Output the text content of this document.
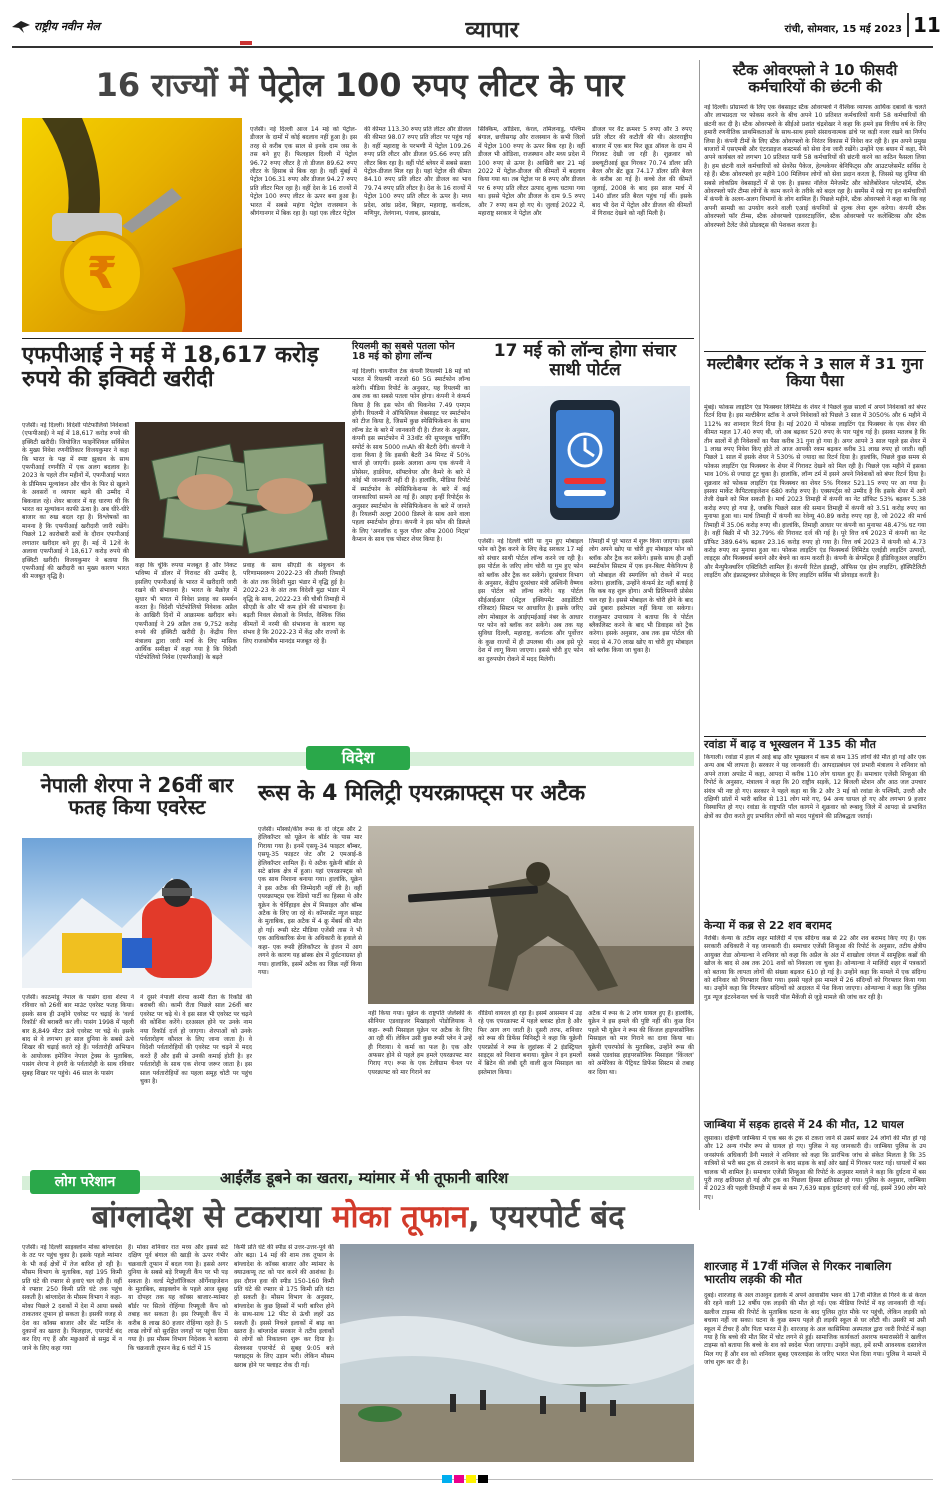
राष्ट्रीय नवीन मेल	व्यापार	रांची, सोमवार, 15 मई 2023 11
16 राज्यों में पेट्रोल 100 रुपए लीटर के पार
₹
एजेंसी। नई दिल्ली आज 14 मई को पेट्रोल-डीजल के दामों में कोई बदलाव नहीं हुआ है। इस तरह से करीब एक साल से इनके दाम जस के तस बने हुए हैं। फिलहाल दिल्ली में पेट्रोल 96.72 रुपए लीटर है तो डीजल 89.62 रुपए लीटर के हिसाब से बिक रहा है। वहीं मुंबई में पेट्रोल 106.31 रुपए और डीजल 94.27 रुपए प्रति लीटर मिल रहा है। वहीं देश के 16 राज्यों में पेट्रोल 100 रुपए लीटर के ऊपर बना हुआ है। भारत में सबसे महंगा पेट्रोल राजस्थान के श्रीगंगानगर में बिक रहा है। यहां एक लीटर पेट्रोल
की कीमत 113.30 रुपए प्रति लीटर और डीजल की कीमत 98.07 रुपए प्रति लीटर पर पहुंच गई है। वहीं महाराष्ट्र के परभणी में पेट्रोल 109.26 रुपए प्रति लीटर और डीजल 95.66 रुपए प्रति लीटर बिक रहा है। वहीं पोर्ट ब्लेयर में सबसे सस्ता पेट्रोल-डीजल मिल रहा है। यहां पेट्रोल की कीमत 84.10 रुपए प्रति लीटर और डीजल का भाव 79.74 रुपए प्रति लीटर है। देश के 16 राज्यों में पेट्रोल 100 रुपए प्रति लीटर के ऊपर है। मध्य प्रदेश, आंध्र प्रदेश, बिहार, महाराष्ट्र, कर्नाटक, मणिपुर, तेलंगाना, पंजाब, झारखंड,
सिक्किम, ओडिशा, केरल, तमिलनाडु, पश्चिम बंगाल, छत्तीसगढ़ और राजस्थान के सभी जिलों में पेट्रोल 100 रुपए के ऊपर बिक रहा है। वहीं डीजल भी ओडिशा, राजस्थान और मध्य प्रदेश में 100 रुपए से ऊपर है। आखिरी बार 21 मई 2022 में पेट्रोल-डीजल की कीमतों में बदलाव किया गया था। तब पेट्रोल पर 8 रुपए और डीजल पर 6 रुपए प्रति लीटर उत्पाद शुल्क घटाया गया था। इससे पेट्रोल और डीजल के दाम 9.5 रुपए और 7 रुपए कम हो गए थे। जुलाई 2022 में, महाराष्ट्र सरकार ने पेट्रोल और
डीजल पर वैट क्रमशः 5 रुपए और 3 रुपए प्रति लीटर की कटौती की थी। अंतरराष्ट्रीय बाजार में एक बार फिर क्रूड ऑयल के दाम में गिरावट देखी जा रही है। शुक्रवार को डब्ल्यूटीआई क्रूड गिरकर 70.74 डॉलर प्रति बैरल और ब्रेंट क्रूड 74.17 डॉलर प्रति बैरल के करीब आ गई है। कच्चे तेल की कीमतें जुलाई, 2008 के बाद इस साल मार्च में 140 डॉलर प्रति बैरल पहुंच गई थीं। इसके बाद भी देश में पेट्रोल और डीजल की कीमतों में गिरावट देखने को नहीं मिली है।
स्टैक ओवरफ्लो ने 10 फीसदी कर्मचारियों की छंटनी की
नई दिल्ली। प्रोग्रामरों के लिए एक वेबसाइट स्टैक ओवरफ्लो ने वैश्विक व्यापक आर्थिक दबावों के चलते और लाभप्रदता पर फोकस करने के बीच अपने 10 प्रतिशत कर्मचारियों यानी 58 कर्मचारियों की छंटनी कर दी है। स्टैक ओवरफ्लो के सीईओ प्रशांत चंद्रशेखर ने कहा कि हमने इस वित्तीय वर्ष के लिए हमारी रणनीतिक प्राथमिकताओं के साथ-साथ हमारे संसाधनात्मक ढांचे पर कड़ी नजर रखने का निर्णय लिया है। कंपनी टीमों के लिए स्टैक ओवरफ्लो के निरंतर विकास में निवेश कर रही है। हम अपने प्रमुख बाजारों में एसएमबी और एंटरप्राइज कस्टमर्स को सेवा देना जारी रखेंगे। उन्होंने एक बयान में कहा, मैंने अपने कार्यबल को लगभग 10 प्रतिशत यानी 58 कर्मचारियों की छंटनी करने का कठिन फैसला लिया है। हम छंटनी वाले कर्मचारियों को सेवरेंस पैकेज, हेल्थकेयर बेनिफिट्स और आउटप्लेसमेंट सर्विस दे रहे हैं। स्टैक ओवरफ्लो हर महीने 100 मिलियन लोगों को सेवा प्रदान करता है, जिससे यह दुनिया की सबसे लोकप्रिय वेबसाइटों में से एक है। इसका नॉलेज मैनेजमेंट और कोलैबोरेशन प्लेटफॉर्म, स्टैक ओवरफ्लो फॉर टीम्स लोगों के काम करने के तरीके को बदल रहा है। सस्पेंस में रखे गए इन कर्मचारियों में कंपनी के अलग-अलग विभागों के लोग शामिल हैं। पिछले महीने, स्टैक ओवरफ्लो ने कहा था कि वह अपनी सामग्री का उपयोग करने वाली एआई कंपनियों से शुल्क लेना शुरू करेगा। कंपनी स्टैक ओवरफ्लो फॉर टीम्स, स्टैक ओवरफ्लो एडवरटाइजिंग, स्टैक ओवरफ्लो पर कलेक्टिव्स और स्टैक ओवरफ्लो टैलेंट जैसे प्रोडक्ट्स की पेशकश करता है।
मल्टीबैगर स्टॉक ने 3 साल में 31 गुना किया पैसा
मुंबई। फोकस लाइटिंग एंड फिक्स्चर लिमिटेड के शेयर ने पिछले कुछ सालों में अपने निवेशकों को बंपर रिटर्न दिया है। इस मल्टीबैगर स्टॉक ने अपने निवेशकों को पिछले 3 साल में 3050% और 6 महीने में 112% का शानदार रिटर्न दिया है। मई 2020 में फोकस लाइटिंग एंड फिक्स्चर के एक शेयर की कीमत महज 17.40 रुपए थी, जो अब बढ़कर 520 रुपए के पार पहुंच गई है। इसका मतलब है कि तीन सालों में ही निवेशकों का पैसा करीब 31 गुना हो गया है। अगर आपने 3 साल पहले इस शेयर में 1 लाख रुपए निवेश किए होते तो आज आपकी रकम बढ़कर करीब 31 लाख रुपए हो जाती। वहीं पिछले 1 साल में इसके शेयर ने 530% से ज्यादा का रिटर्न दिया है। हालांकि, पिछले कुछ समय से फोकस लाइटिंग एंड फिक्स्चर के शेयर में गिरावट देखने को मिल रही है। पिछले एक महीने में इसका भाव 10% से ज्यादा टूट चुका है। हालांकि, लॉन्ग टर्म में इसने अपने निवेशकों को बंपर रिटर्न दिया है। शुक्रवार को फोकस लाइटिंग एंड फिक्स्चर का शेयर 5% गिरकर 521.15 रुपए पर आ गया है। इसका मार्केट कैपिटलाइजेशन 680 करोड़ रुपए है। एक्सपर्ट्स को उम्मीद है कि इसके शेयर में आगे तेजी देखने को मिल सकती है। मार्च 2023 तिमाही में कंपनी का नेट प्रॉफिट 53% बढ़कर 5.38 करोड़ रुपए हो गया है, जबकि पिछले साल की समान तिमाही में कंपनी को 3.51 करोड़ रुपए का मुनाफा हुआ था। मार्च तिमाही में कंपनी का रेवेन्यू 40.89 करोड़ रुपए रहा है, जो 2022 की मार्च तिमाही में 35.06 करोड़ रुपए थी। हालांकि, तिमाही आधार पर कंपनी का मुनाफा 48.47% घट गया है। वहीं बिक्री में भी 32.79% की गिरावट दर्ज की गई है। पूरे वित्त वर्ष 2023 में कंपनी का नेट प्रॉफिट 389.64% बढ़कर 23.16 करोड़ रुपए हो गया है। वित्त वर्ष 2023 में कंपनी को 4.73 करोड़ रुपए का मुनाफा हुआ था। फोकस लाइटिंग एंड फिक्स्चर्स लिमिटेड एलईडी लाइटिंग उत्पादों, लाइट्स और फिक्स्चर्स बनाने और बेचने का काम करती है। कंपनी के सेगमेंट्स हैं इंडिविजुअल लाइटिंग और मैन्युफैक्चरिंग एक्टिविटी शामिल हैं। कंपनी रिटेल इंडस्ट्री, ऑफिस एंड होम लाइटिंग, हॉस्पिटैलिटी लाइटिंग और इंफ्रास्ट्रक्चर प्रोजेक्ट्स के लिए लाइटिंग सर्विस भी प्रोवाइड करती है।
एफपीआई ने मई में 18,617 करोड़ रुपये की इक्विटी खरीदी
एजेंसी। नई दिल्ली। विदेशी पोर्टफोलियो निवेशकों (एफपीआई) ने मई में 18,617 करोड़ रुपये की इक्विटी खरीदी। जियोजित फाइनेंशियल सर्विसेज के मुख्य निवेश रणनीतिकार विजयकुमार ने कहा कि भारत के पक्ष में स्पष्ट झुकाव के साथ एफपीआई रणनीति में एक अलग बदलाव है। 2023 के पहले तीन महीनों में, एफपीआई भारत के प्रीमियम मूल्यांकन और चीन के फिर से खुलने के अवसरों व व्यापार बढ़ने की उम्मीद में बिकवाल रहे। शेयर बाजार में यह धारणा थी कि भारत का मूल्यांकन काफी ऊंचा है। अब धीरे-धीरे बाजार का रुख बदल रहा है। विश्लेषकों का मानना है कि एफपीआई खरीदारी जारी रखेंगे। पिछले 12 कारोबारी सत्रों के दौरान एफपीआई लगातार खरीदार बने हुए हैं। मई में 12वें के अलावा एफपीआई ने 18,617 करोड़ रुपये की इक्विटी खरीदी। विजयकुमार ने बताया कि एफपीआई की खरीदारी का मुख्य कारण भारत की मजबूत वृद्धि है।
कहा कि चूंकि रुपया मजबूत है और निकट भविष्य में डॉलर में गिरावट की उम्मीद है, इसलिए एफपीआई के भारत में खरीदारी जारी रखने की संभावना है। भारत के मैक्रोज़ में सुधार भी भारत में निवेश प्रवाह का समर्थन करता है। विदेशी पोर्टफोलियो निवेशक अप्रैल के आखिरी दिनों में आक्रामक खरीदार बने। एफपीआई ने 29 अप्रैल तक 9,752 करोड़ रुपये की इक्विटी खरीदी है। केंद्रीय वित्त मंत्रालय द्वारा जारी मार्च के लिए मासिक आर्थिक समीक्षा में कहा गया है कि विदेशी पोर्टफोलियो निवेश (एफपीआई) के बढ़ते
प्रवाह के साथ सीएडी के संकुचन के परिणामस्वरूप 2022-23 की तीसरी तिमाही के अंत तक विदेशी मुद्रा भंडार में वृद्धि हुई है। 2022-23 के अंत तक विदेशी मुद्रा भंडार में वृद्धि के साथ, 2022-23 की चौथी तिमाही में सीएडी के और भी कम होने की संभावना है। बढ़ती निवल सेवाओं के निर्यात, वैश्विक जिंस कीमतों में नरमी की संभावना के कारण यह संभव है कि 2022-23 में केंद्र और राज्यों के लिए राजकोषीय मानदंड मजबूत रहे हैं।
रियलमी का सबसे पतला फोन 18 मई को होगा लॉन्च
नई दिल्ली। चायनीज टेक कंपनी रियलमी 18 मई को भारत में रियलमी नारजो 60 5G स्मार्टफोन लॉन्च करेगी। मीडिया रिपोर्ट के अनुसार, यह रियलमी का अब तक का सबसे पतला फोन होगा। कंपनी ने कंफर्म किया है कि इस फोन की थिकनेस 7.49 एमएम होगी। रियलमी ने ऑफिशियल वेबसाइट पर स्मार्टफोन को टीज किया है, जिसमें कुछ स्पेसिफिकेशन के साथ लॉन्च डेट के बारे में जानकारी दी है। टीजर के अनुसार, कंपनी इस स्मार्टफोन में 33वॉट की सुपरवूक चार्जिंग सपोर्ट के साथ 5000 mAh की बैटरी देगी। कंपनी ने दावा किया है कि इसकी बैटरी 34 मिनट में 50% चार्ज हो जाएगी। इसके अलावा अन्य एक कंपनी ने प्रोसेसर, हार्डवेयर, सॉफ्टवेयर और कैमरे के बारे में कोई भी जानकारी नहीं दी है। हालांकि, मीडिया रिपोर्ट में स्मार्टफोन के स्पेसिफिकेशन्स के बारे में कई जानकारियां सामने आ गई हैं। आइए इन्हीं रिपोर्ट्स के अनुसार स्मार्टफोन के स्पेसिफिकेशन के बारे में जानते हैं। रियलमी अल्ट्रा 2000 डिस्प्ले के साथ आने वाला पहला स्मार्टफोन होगा। कंपनी ने इस फोन की डिस्प्ले के लिए 'अनलॉक द फुल पॉवर ऑफ 2000 निट्स' कैप्शन के साथ एक पोस्टर शेयर किया है।
17 मई को लॉन्च होगा संचार साथी पोर्टल
एजेंसी। नई दिल्ली चोरी या गुम हुए मोबाइल फोन को ट्रैक करने के लिए केंद्र सरकार 17 मई को संचार साथी पोर्टल लॉन्च करने जा रही है। इस पोर्टल के जरिए लोग चोरी या गुम हुए फोन को ब्लॉक और ट्रैक कर सकेंगे। दूरसंचार विभाग के अनुसार, केंद्रीय दूरसंचार मंत्री अश्विनी वैष्णव इस पोर्टल को लॉन्च करेंगे। यह पोर्टल सीईआईआर (सेंट्रल इक्विपमेंट आइडेंटिटी रजिस्टर) सिस्टम पर आधारित है। इसके जरिए लोग मोबाइल के आईएमईआई नंबर के आधार पर फोन को ब्लॉक कर सकेंगे। अब तक यह सुविधा दिल्ली, महाराष्ट्र, कर्नाटक और पूर्वोत्तर के कुछ राज्यों में ही उपलब्ध थी। अब इसे पूरे देश में लागू किया जाएगा। इससे चोरी हुए फोन का दुरुपयोग रोकने में मदद मिलेगी।
तिमाही में पूरे भारत में शुरू किया जाएगा। इससे लोग अपने खोए या चोरी हुए मोबाइल फोन को ब्लॉक और ट्रैक कर सकेंगे। इसके साथ ही उन्हीं स्मार्टफोन सिस्टम में एक इन-बिल्ट मैकेनिज्म है जो मोबाइल की स्मगलिंग को रोकने में मदद करेगा। हालांकि, उन्होंने कंफर्म डेट नहीं बताई है कि कब यह शुरू होगा। अभी प्रिलिमनरी प्रोसेस चल रहा है। इससे मोबाइल के चोरी होने के बाद उसे दुबारा इस्तेमाल नहीं किया जा सकेगा। राजकुमार उपाध्याय ने बताया कि ये पोर्टल ब्लैकलिस्ट करने के बाद भी डिवाइस को ट्रैक करेगा। इसके अनुसार, अब तक इस पोर्टल की मदद से 4.70 लाख खोए या चोरी हुए मोबाइल को ब्लॉक किया जा चुका है।
विदेश
नेपाली शेरपा ने 26वीं बार फतह किया एवरेस्ट
एजेंसी। काठमांडू नेपाल के पासंग दावा शेरपा ने रविवार को 26वीं बार माउंट एवरेस्ट फतह किया। इसके साथ ही उन्होंने एवरेस्ट पर चढ़ाई के 'वर्ल्ड रिकॉर्ड' की बराबरी कर ली। पासंग 1998 में पहली बार 8,849 मीटर ऊंचे एवरेस्ट पर चढ़े थे। इसके बाद से वे लगभग हर साल दुनिया के सबसे ऊंचे शिखर की चढ़ाई करते रहे हैं। पर्वतारोही अभियान के आयोजक इमेजिन नेपाल ट्रेक्स के मुताबिक, पासंग शेरपा ने हंगरी के पर्वतारोही के साथ रविवार सुबह शिखर पर पहुंचे। 46 साल के पासंग
ने दूसरे नेपाली शेरपा कामी रीता के रिकॉर्ड की बराबरी की। कामी रीता पिछले साल 26वीं बार एवरेस्ट पर चढ़े थे। वे इस साल भी एवरेस्ट पर चढ़ने की कोशिश करेंगे। दरअसल होने पर उनके नाम नया रिकॉर्ड दर्ज हो जाएगा। शेरपाओं को उनके पर्वतारोहण कौशल के लिए जाना जाता है। वे विदेशी पर्वतारोहियों की एवरेस्ट पर चढ़ने में मदद करते हैं और इसी से उनकी कमाई होती है। हर पर्वतारोही के साथ एक शेरपा जरूर जाता है। इस साल पर्वतारोहियों का पहला समूह चोटी पर पहुंच चुका है।
रूस के 4 मिलिट्री एयरक्राफ्ट्स पर अटैक
एजेंसी। मॉस्को/कीव रूस के दो जेट्स और 2 हेलिकॉप्टर को यूक्रेन के बॉर्डर के पास मार गिराया गया है। इनमें एसयू-34 फाइटर बॉम्बर, एसयू-35 फाइटर जेट और 2 एमआई-8 हेलिकॉप्टर शामिल हैं। ये अटैक यूक्रेनी बॉर्डर से सटे ब्रांस्क क्षेत्र में हुआ। यहां एयरक्राफ्ट्स को एक साथ निशाना बनाया गया। हालांकि, यूक्रेन ने इस अटैक की जिम्मेदारी नहीं ली है। वहीं एयरक्राफ्ट्स एक रेडियो पार्टी का हिस्सा थे और यूक्रेन के चेर्निहाइव क्षेत्र में मिसाइल और बॉम्ब अटैक के लिए जा रहे थे। कॉमरसेंट न्यूज साइट के मुताबिक, इस अटैक में 4 क्रू मेंबर्स की मौत हो गई। रूसी स्टेट मीडिया एजेंसी तास ने भी एक आधिकारिक सेना के अधिकारी के हवाले से कहा- एक रूसी हेलिकॉप्टर के इंजन में आग लगने के कारण यह ब्रांस्क क्षेत्र में दुर्घटनाग्रस्त हो गया। हालांकि, इसमें अटैक का जिक्र नहीं किया गया।
नहीं किया गया। यूक्रेन के राष्ट्रपति जेलेंस्की के सीनियर एडवाइजर मिखाइलो पोडोलियाक ने कहा- रूसी मिसाइल यूक्रेन पर अटैक के लिए आ रही थीं। लेकिन उसी कुछ रूसी प्लेन ने उन्हें ही गिराया। ये कर्मा का फल है। एक और अफसर होने से पहले हम हमले एयरक्राफ्ट मार गिराए गए। रूस के एक टेलीग्राम चैनल पर एयरक्राफ्ट को मार गिराने का
वीडियो वायरल हो रहा है। इसमें आसमान में उड़ रहे एक एयरक्राफ्ट में पहले ब्लास्ट होता है और फिर आग लग जाती है। दूसरी तरफ, शनिवार को रूस की डिफेंस मिनिस्ट्री ने कहा कि यूक्रेनी एयरफ्रोर्स ने रूस के लुहांस्क में 2 इंडस्ट्रियल साइट्स को निशाना बनाया। यूक्रेन ने इन हमलों में ब्रिटेन की लंबी दूरी वाली क्रूज मिसाइल का इस्तेमाल किया।
अटैक में रूस के 2 लोग घायल हुए हैं। हालांकि, यूक्रेन ने इस हमले की पुष्टि नहीं की। कुछ दिन पहले भी यूक्रेन ने रूस की किंजल हाइपरसोनिक मिसाइल को मार गिराने का दावा किया था। यूक्रेनी एयरफोर्स के मुताबिक, उन्होंने रूस की सबसे एडवांस्ड हाइपरसोनिक मिसाइल 'किंजल' को अमेरिका के पैट्रियट डिफेंस सिस्टम से तबाह कर दिया था।
रवांडा में बाढ़ व भूस्खलन में 135 की मौत
किगाली। रवांडा में हाल में आई बाढ़ और भूस्खलन में कम से कम 135 लोगों की मौत हो गई और एक अन्य अब भी लापता है। सरकार ने यह जानकारी दी। आपदाप्रबंधन एवं प्रभारी मंत्रालय ने शनिवार को अपने ताजा अपडेट में कहा, आपदा में करीब 110 लोग घायल हुए हैं। समाचार एजेंसी शिन्हुआ की रिपोर्ट के अनुसार, मंत्रालय ने कहा कि 20 राष्ट्रीय सड़कें, 12 बिजली स्टेशन और आठ जल उपचार संयंत्र भी नष्ट हो गए। सरकार ने पहले कहा था कि 2 और 3 मई को रवांडा के पश्चिमी, उत्तरी और दक्षिणी प्रांतों में भारी बारिश से 131 लोग मारे गए, 94 अन्य घायल हो गए और लगभग 9 हजार विस्थापित हो गए। रवांडा के राष्ट्रपति पॉल कागमे ने शुक्रवार को रूबावु जिले में आपदा से प्रभावित क्षेत्रों का दौरा करते हुए प्रभावित लोगों को मदद पहुंचाने की प्रतिबद्धता जताई।
केन्या में कब्र से 22 शव बरामद
नैरोबी। केन्या के तटीय शहर मालिंदी में एक संदिग्ध कब्र से 22 और शव बरामद किए गए हैं। एक सरकारी अधिकारी ने यह जानकारी दी। समाचार एजेंसी शिन्हुआ की रिपोर्ट के अनुसार, तटीय क्षेत्रीय आयुक्त रोडा ओन्यान्चा ने शनिवार को कहा कि अप्रैल के अंत में शाखोला जंगल में सामूहिक कब्रों की खोज के बाद से अब तक 201 शवों को निकाला जा चुका है। ओन्यान्चा ने मालिंदी शहर में पत्रकारों को बताया कि लापता लोगों की संख्या बढ़कर 610 हो गई है। उन्होंने कहा कि मामले में एक संदिग्ध को शनिवार को गिरफ्तार किया गया। इससे पहले इस मामले में 26 संदिग्धों को गिरफ्तार किया गया था। उन्होंने कहा कि गिरफ्तार संदिग्धों को अदालत में पेश किया जाएगा। ओन्यान्चा ने कहा कि पुलिस गुड न्यूज इंटरनेशनल चर्च के पादरी पॉल मैकेंजी से जुड़े मामले की जांच कर रही है।
जाम्बिया में सड़क हादसे में 24 की मौत, 12 घायल
लुसाका। दक्षिणी जाम्बिया में एक बस के ट्रक से टकरा जाने से उसमें सवार 24 लोगों की मौत हो गई और 12 अन्य गंभीर रूप से घायल हो गए। पुलिस ने यह जानकारी दी। जाम्बिया पुलिस के उप जनसंपर्क अधिकारी डैनी मवाले ने शनिवार को कहा कि प्रारंभिक जांच से संकेत मिलता है कि 35 यात्रियों से भरी बस ट्रक से टकराने के बाद सड़क के बाईं ओर खाई में गिरकर पलट गई। घायलों में बस चालक भी शामिल है। समाचार एजेंसी शिन्हुआ की रिपोर्ट के अनुसार मवाले ने कहा कि दुर्घटना में बस पूरी तरह क्षतिग्रस्त हो गई और ट्रक का पिछला हिस्सा क्षतिग्रस्त हो गया। पुलिस के अनुसार, जाम्बिया में 2023 की पहली तिमाही में कम से कम 7,639 सड़क दुर्घटनाएं दर्ज की गई, इसमें 390 लोग मारे गए।
शारजाह में 17वीं मंजिल से गिरकर नाबालिग भारतीय लड़की की मौत
दुबई। शारजाह के अल ताअवुन इलाके में अपने आवासीय भवन की 17वीं मंजिल से गिरने के से केरल की रहने वाली 12 वर्षीय एक लड़की की मौत हो गई। एक मीडिया रिपोर्ट में यह जानकारी दी गई। खलीज टाइम्स की रिपोर्ट के मुताबिक घटना के बाद पुलिस तुरंत मौके पर पहुंची, लेकिन लड़की को बचाया नहीं जा सका। घटना के कुछ समय पहले ही लड़की स्कूल से घर लौटी थी। उसकी मां उसी स्कूल में टीचर हैं और पिता भारत में हैं। शारजाह के अल कासिमिया अस्पताल द्वारा जारी रिपोर्ट में कहा गया है कि बच्चे की मौत सिर में चोट लगने से हुई। सामाजिक कार्यकर्ता अशरफ थमारास्सेरी ने खलीज टाइम्स को बताया कि बच्चे के शव को स्वदेश भेजा जाएगा। उन्होंने कहा, हमें सभी आवश्यक दस्तावेज मिल गए हैं और शव को शनिवार सुबह एयरलाइंस के जरिए भारत भेज दिया गया। पुलिस ने मामले में जांच शुरू कर दी है।
लोग परेशान	आईलैंड डूबने का खतरा, म्यांमार में भी तूफानी बारिश
बांग्लादेश से टकराया मोका तूफान, एयरपोर्ट बंद
एजेंसी। नई दिल्ली साइक्लोन मोका बांग्लादेश के तट पर पहुंच चुका है। इसके पहले म्यांमार के भी कई क्षेत्रों में तेज बारिश हो रही है। मौसम विभाग के मुताबिक, यहां 195 किमी प्रति घंटे की रफ्तार से हवाएं चल रही हैं। वहीं ये रफ्तार 250 किमी प्रति घंटे तक पहुंच सकती है। बांग्लादेश के मौसम विभाग ने कहा- मोका पिछले 2 दशकों में देश में आया सबसे ताकतवर तूफान हो सकता है। इसकी वजह से देश का कॉक्स बाजार और सेंट मार्टिन के दुकानों का खतरा है। फिलहाल, एयरपोर्ट बंद कर दिए गए हैं और मछुआरों से समुद्र में न जाने के लिए कहा गया
है। मोका शनिवार रात मध्य और इससे सटे दक्षिण पूर्व बंगाल की खाड़ी के ऊपर गंभीर चक्रवाती तूफान में बदल गया है। इससे अगर दुनिया के सबसे बड़े रिफ्यूजी कैंप पर भी पड़ सकता है। वर्ल्ड मेट्रोलॉजिकल ऑर्गेनाइजेशन के मुताबिक, साइक्लोन के पहले आज सुबह या दोपहर तक यह कॉक्स बाजार-म्यांमार बॉर्डर पर सितवे रोहिंग्या रिफ्यूजी कैंप को तबाह कर सकता है। इस रिफ्यूजी कैंप में करीब 8 लाख 80 हजार रोहिंग्या रहते हैं। 5 लाख लोगों को सुरक्षित जगहों पर पहुंचा दिया गया है। इस मौसम विभाग निदेशक ने बताया कि चक्रवाती तूफान केंद्र 6 घंटों में 15
किमी प्रति घंटे की स्पीड से उत्तर-उत्तर-पूर्व की ओर बढ़ा। 14 मई की शाम तक तूफान के बांग्लादेश के कॉक्स बाजार और म्यांमार के क्याउकप्यू तट को पार करने की आशंका है। इस दौरान हवा की स्पीड 150-160 किमी प्रति घंटे की रफ्तार से 175 किमी प्रति घंटा हो सकती है। मौसम विभाग के अनुसार, बांग्लादेश के कुछ हिस्सों में भारी बारिश होने के साथ-साथ 12 फीट से ऊंची लहरें उठ सकती हैं। इससे निचले इलाकों में बाढ़ का खतरा है। बांग्लादेश सरकार ने तटीय इलाकों से लोगों को निकालना शुरू कर दिया है। सेलकसा एयरपोर्ट से सुबह 9:05 बजे फ्लाइट्स के लिए उड़ान भरी। लेकिन मौसम खराब होने पर फ्लाइट रोक दी गई।
